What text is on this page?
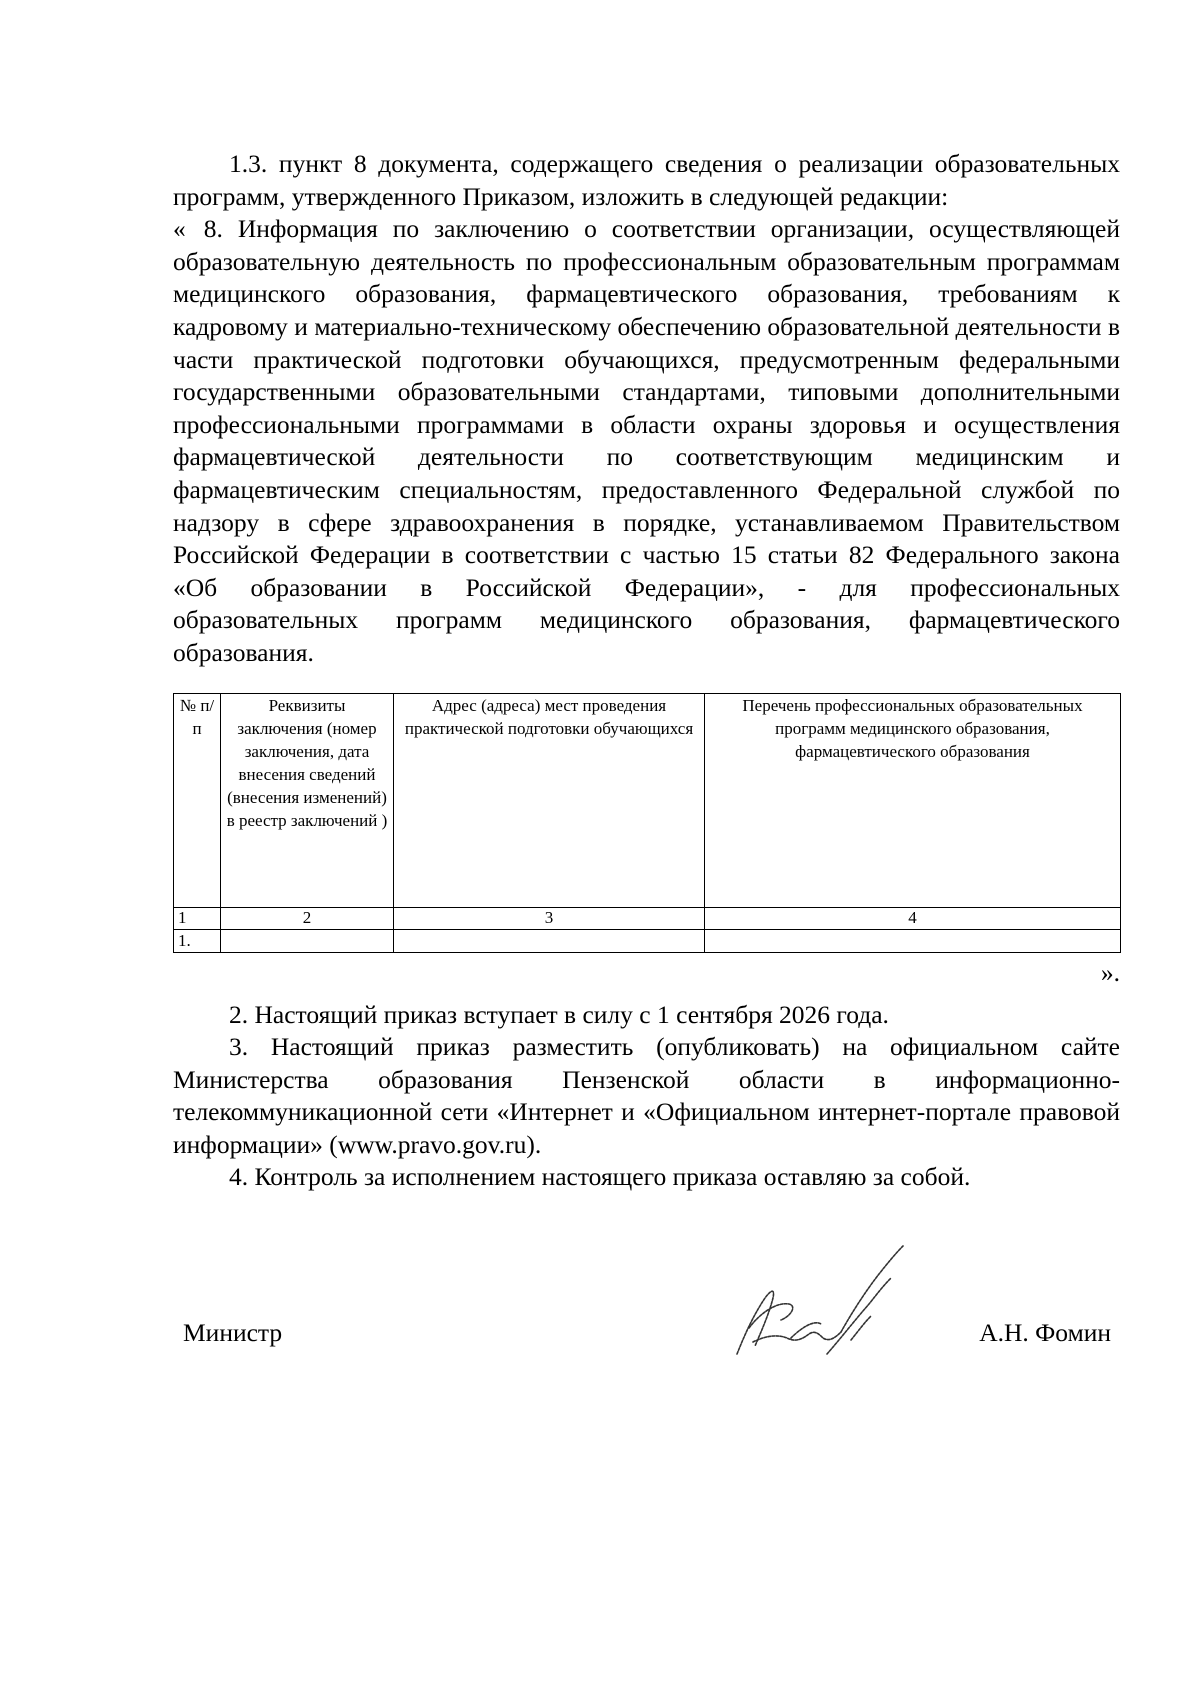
1.3. пункт 8 документа, содержащего сведения о реализации образовательных программ, утвержденного Приказом, изложить в следующей редакции:

« 8. Информация по заключению о соответствии организации, осуществляющей образовательную деятельность по профессиональным образовательным программам медицинского образования, фармацевтического образования, требованиям к кадровому и материально-техническому обеспечению образовательной деятельности в части практической подготовки обучающихся, предусмотренным федеральными государственными образовательными стандартами, типовыми дополнительными профессиональными программами в области охраны здоровья и осуществления фармацевтической деятельности по соответствующим медицинским и фармацевтическим специальностям, предоставленного Федеральной службой по надзору в сфере здравоохранения в порядке, устанавливаемом Правительством Российской Федерации в соответствии с частью 15 статьи 82 Федерального закона «Об образовании в Российской Федерации», - для профессиональных образовательных программ медицинского образования, фармацевтического образования.

№ п/п	Реквизиты заключения (номер заключения, дата внесения сведений (внесения изменений) в реестр заключений )	Адрес (адреса) мест проведения практической подготовки обучающихся	Перечень профессиональных образовательных программ медицинского образования, фармацевтического образования
1	2	3	4
1.			
».

2. Настоящий приказ вступает в силу с 1 сентября 2026 года.

3. Настоящий приказ разместить (опубликовать) на официальном сайте Министерства образования Пензенской области в информационно-телекоммуникационной сети «Интернет и «Официальном интернет-портале правовой информации» (www.pravo.gov.ru).

4. Контроль за исполнением настоящего приказа оставляю за собой.

Министр	А.Н. Фомин
